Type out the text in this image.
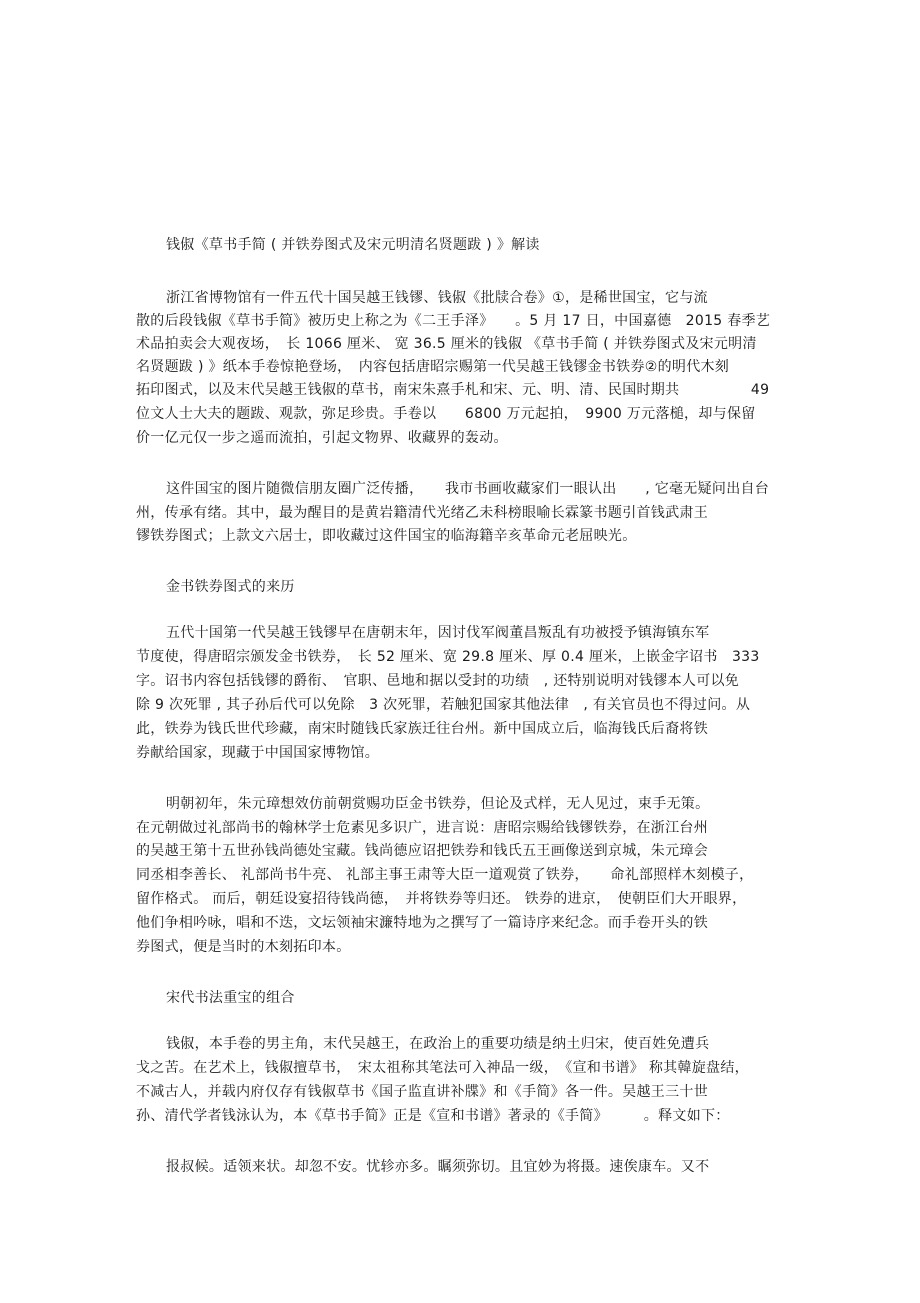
钱俶《草书手简 ( 并铁券图式及宋元明清名贤题跋 ) 》解读
浙江省博物馆有一件五代十国吴越王钱镠、钱俶《批牍合卷》①，是稀世国宝，它与流
散的后段钱俶《草书手简》被历史上称之为《二王手泽》　　。5 月 17 日，中国嘉德　2015 春季艺
术品拍卖会大观夜场，　长 1066 厘米、 宽 36.5 厘米的钱俶 《草书手简 ( 并铁券图式及宋元明清
名贤题跋 ) 》纸本手卷惊艳登场，　内容包括唐昭宗赐第一代吴越王钱镠金书铁券②的明代木刻
拓印图式，以及末代吴越王钱俶的草书，南宋朱熹手札和宋、元、明、清、民国时期共　　　　　49
位文人士大夫的题跋、观款，弥足珍贵。手卷以　　6800 万元起拍，　9900 万元落槌，却与保留
价一亿元仅一步之遥而流拍，引起文物界、收藏界的轰动。
这件国宝的图片随微信朋友圈广泛传播，　　我市书画收藏家们一眼认出　　, 它毫无疑问出自台
州，传承有绪。其中，最为醒目的是黄岩籍清代光绪乙未科榜眼喻长霖篆书题引首钱武肃王
镠铁券图式；上款文六居士，即收藏过这件国宝的临海籍辛亥革命元老屈映光。
金书铁券图式的来历
五代十国第一代吴越王钱镠早在唐朝末年，因讨伐军阀董昌叛乱有功被授予镇海镇东军
节度使，得唐昭宗颁发金书铁券，　长 52 厘米、宽 29.8 厘米、厚 0.4 厘米，上嵌金字诏书　333
字。诏书内容包括钱镠的爵衔、　官职、邑地和据以受封的功绩　, 还特别说明对钱镠本人可以免
除 9 次死罪 , 其子孙后代可以免除　3 次死罪，若触犯国家其他法律　, 有关官员也不得过问。从
此，铁券为钱氏世代珍藏，南宋时随钱氏家族迁往台州。新中国成立后，临海钱氏后裔将铁
券献给国家，现藏于中国国家博物馆。
明朝初年，朱元璋想效仿前朝赏赐功臣金书铁券，但论及式样，无人见过，束手无策。
在元朝做过礼部尚书的翰林学士危素见多识广，进言说：唐昭宗赐给钱镠铁券，在浙江台州
的吴越王第十五世孙钱尚德处宝藏。钱尚德应诏把铁券和钱氏五王画像送到京城，朱元璋会
同丞相李善长、 礼部尚书牛亮、 礼部主事王肃等大臣一道观赏了铁券，　　命礼部照样木刻模子，
留作格式。 而后，朝廷设宴招待钱尚德，　并将铁券等归还。 铁券的进京，　使朝臣们大开眼界，
他们争相吟咏，唱和不迭，文坛领袖宋濂特地为之撰写了一篇诗序来纪念。而手卷开头的铁
券图式，便是当时的木刻拓印本。
宋代书法重宝的组合
钱俶，本手卷的男主角，末代吴越王，在政治上的重要功绩是纳土归宋，使百姓免遭兵
戈之苦。在艺术上，钱俶擅草书，　宋太祖称其笔法可入神品一级，　《宣和书谱》 称其韓旋盘结，
不减古人，并载内府仅存有钱俶草书《国子监直讲补牒》和《手简》各一件。吴越王三十世
孙、清代学者钱泳认为，本《草书手简》正是《宣和书谱》著录的《手简》　　　。释文如下：
报叔候。适领来状。却忽不安。忧轸亦多。瞩须弥切。且宜妙为将摄。速俟康车。又不
